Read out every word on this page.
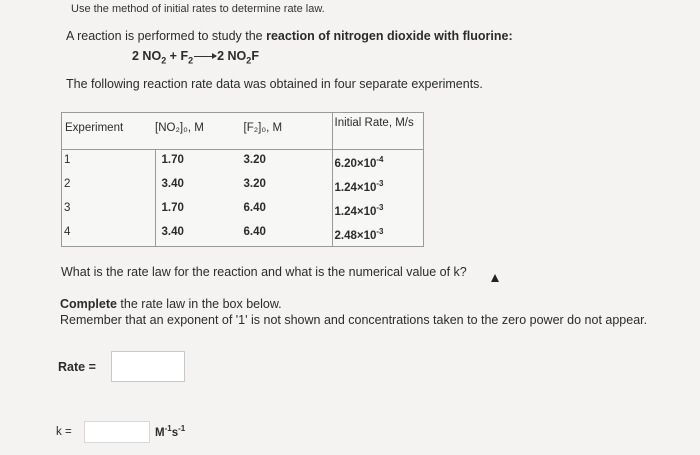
Use the method of initial rates to determine rate law.
A reaction is performed to study the reaction of nitrogen dioxide with fluorine:
2 $NO_2 + F_2\to 2$ $NO_2F$
The following reaction rate data was obtained in four separate experiments.
Experiment	[NO₂]₀, M	[F₂]₀, M	Initial Rate, M/s
1	1.70	3.20	$6.20\times 10^{-4}$
2	3.40	3.20	$1.24\times 10^{-3}$
3	1.70	6.40	$1.24\times 10^{-3}$
4	3.40	6.40	$2.48\times 10^{-3}$
What is the rate law for the reaction and what is the numerical value of k?
Complete the rate law in the box below.
Remember that an exponent of '1' is not shown and concentrations taken to the zero power do not appear.
Rate =
k =	$M^{-1}s^{-1}$
